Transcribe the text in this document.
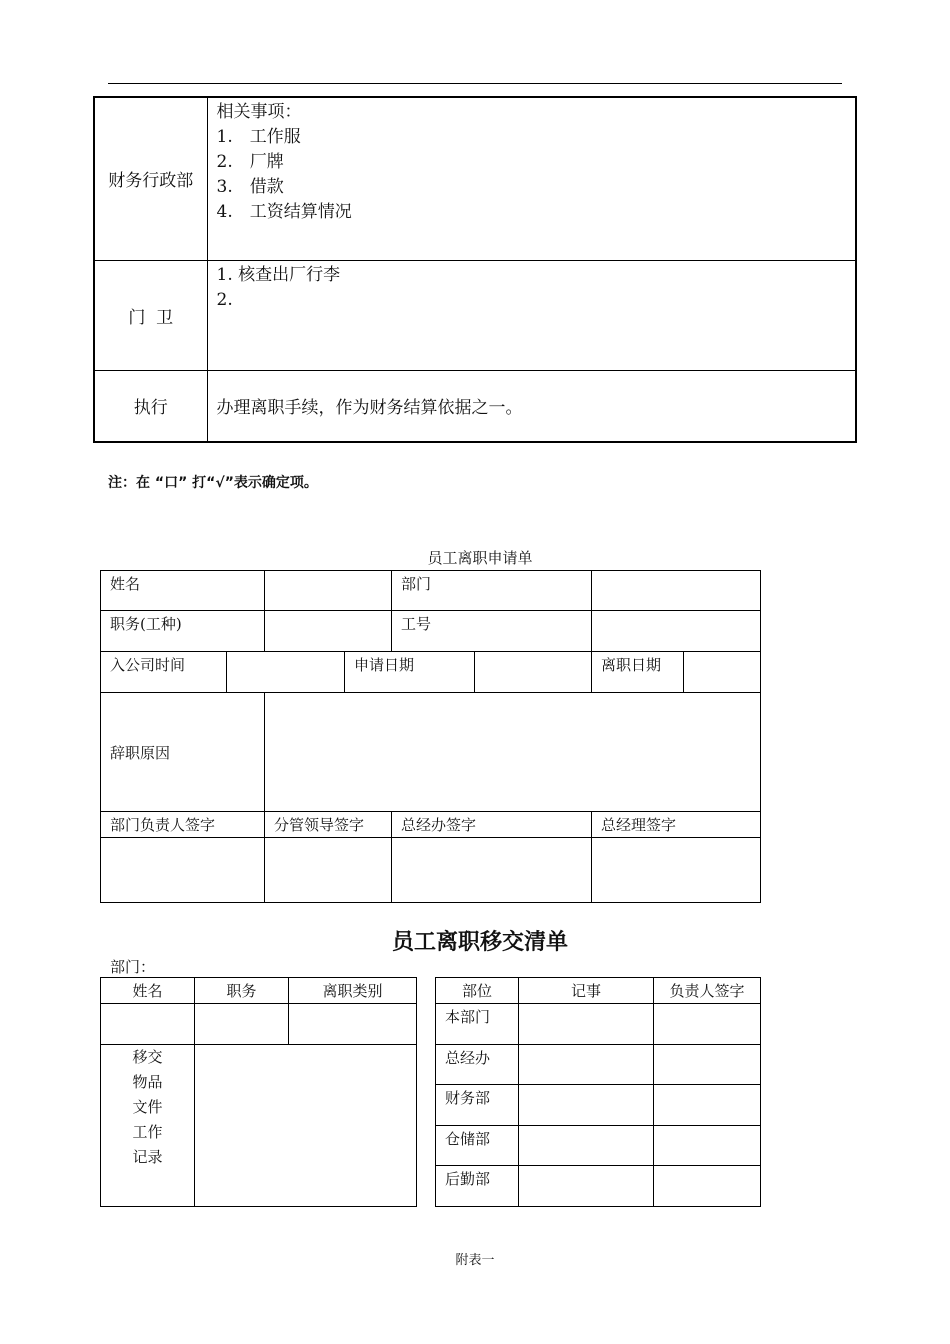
财务行政部	相关事项：
1.　工作服
2.　厂牌
3.　借款
4.　工资结算情况

门  卫	1. 核查出厂行李
2.

执行	办理离职手续，作为财务结算依据之一。
注：在 “口” 打“√”表示确定项。
员工离职申请单
姓名				部门		
职务(工种)				工号		
入公司时间			申请日期			离职日期

辞职原因						
部门负责人签字		分管领导签字		总经办签字		总经理签字

员工离职移交清单
部门：
姓名	职务	离职类别

移交
物品
文件
工作
记录		

部位	记事	负责人签字
本部门		
总经办		
财务部		
仓储部		
后勤部		
附表一
